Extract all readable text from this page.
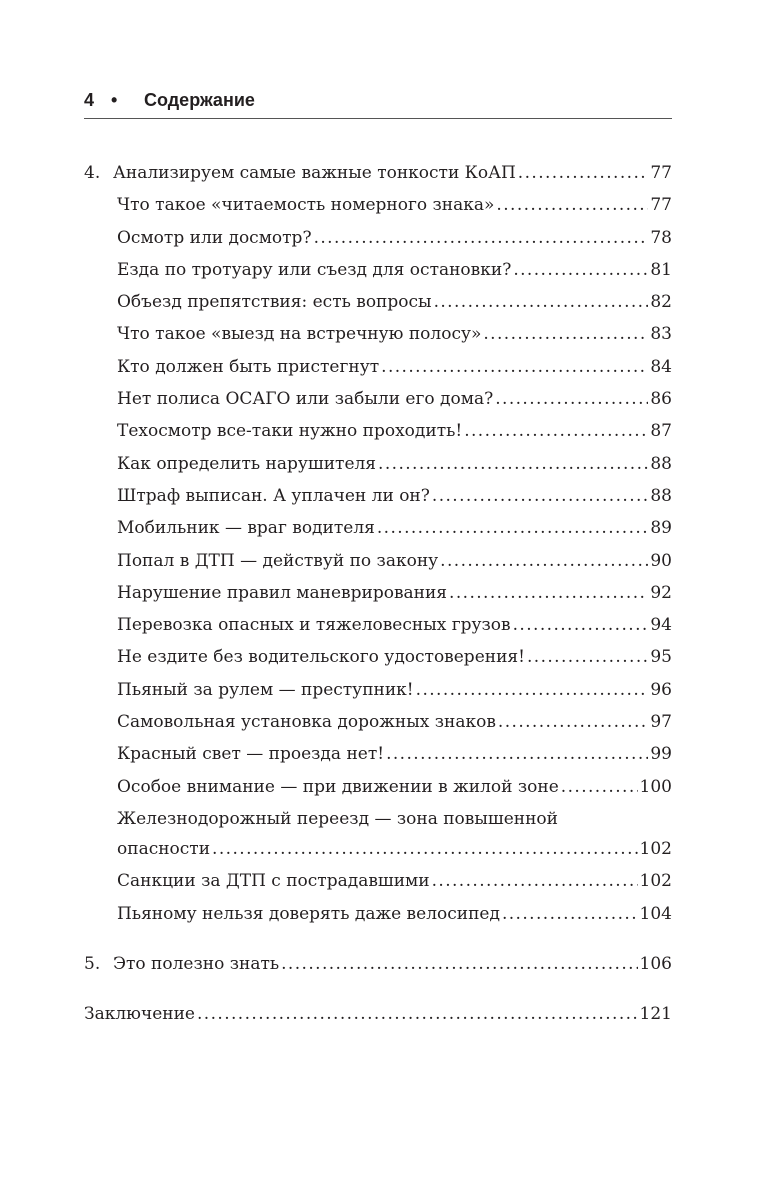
4 •	Содержание
4. Анализируем самые важные тонкости КоАП .....	77
Что такое «читаемость номерного знака» .....	77
Осмотр или досмотр? .....	78
Езда по тротуару или съезд для остановки? .....	81
Объезд препятствия: есть вопросы .....	82
Что такое «выезд на встречную полосу» .....	83
Кто должен быть пристегнут .....	84
Нет полиса ОСАГО или забыли его дома? .....	86
Техосмотр все-таки нужно проходить! .....	87
Как определить нарушителя .....	88
Штраф выписан. А уплачен ли он? .....	88
Мобильник — враг водителя .....	89
Попал в ДТП — действуй по закону .....	90
Нарушение правил маневрирования .....	92
Перевозка опасных и тяжеловесных грузов .....	94
Не ездите без водительского удостоверения! .....	95
Пьяный за рулем — преступник! .....	96
Самовольная установка дорожных знаков .....	97
Красный свет — проезда нет! .....	99
Особое внимание — при движении в жилой зоне .....	100
Железнодорожный переезд — зона повышенной
опасности .....	102
Санкции за ДТП с пострадавшими .....	102
Пьяному нельзя доверять даже велосипед .....	104
5. Это полезно знать .....	106
Заключение .....	121
